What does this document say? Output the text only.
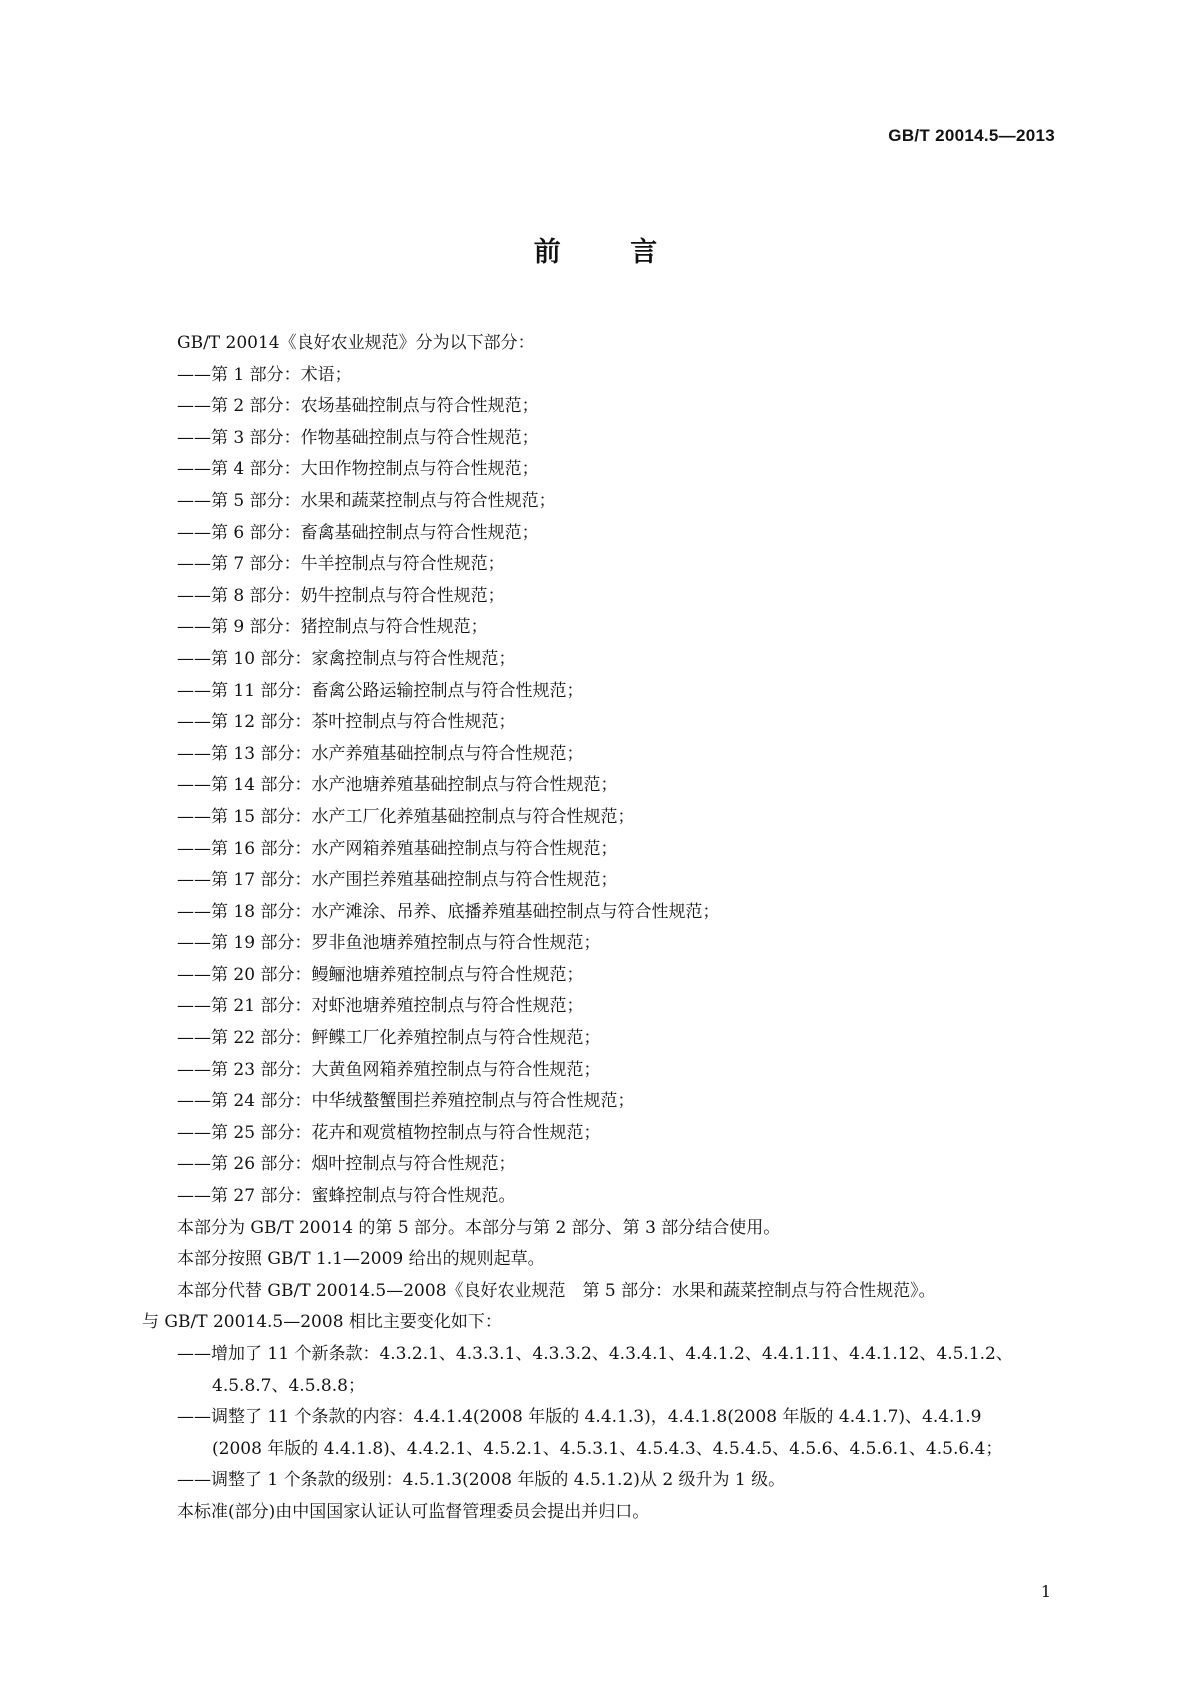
GB/T 20014.5—2013
前 言

GB/T 20014《良好农业规范》分为以下部分：

——第 1 部分：术语；

——第 2 部分：农场基础控制点与符合性规范；

——第 3 部分：作物基础控制点与符合性规范；

——第 4 部分：大田作物控制点与符合性规范；

——第 5 部分：水果和蔬菜控制点与符合性规范；

——第 6 部分：畜禽基础控制点与符合性规范；

——第 7 部分：牛羊控制点与符合性规范；

——第 8 部分：奶牛控制点与符合性规范；

——第 9 部分：猪控制点与符合性规范；

——第 10 部分：家禽控制点与符合性规范；

——第 11 部分：畜禽公路运输控制点与符合性规范；

——第 12 部分：茶叶控制点与符合性规范；

——第 13 部分：水产养殖基础控制点与符合性规范；

——第 14 部分：水产池塘养殖基础控制点与符合性规范；

——第 15 部分：水产工厂化养殖基础控制点与符合性规范；

——第 16 部分：水产网箱养殖基础控制点与符合性规范；

——第 17 部分：水产围拦养殖基础控制点与符合性规范；

——第 18 部分：水产滩涂、吊养、底播养殖基础控制点与符合性规范；

——第 19 部分：罗非鱼池塘养殖控制点与符合性规范；

——第 20 部分：鳗鲡池塘养殖控制点与符合性规范；

——第 21 部分：对虾池塘养殖控制点与符合性规范；

——第 22 部分：鲆鲽工厂化养殖控制点与符合性规范；

——第 23 部分：大黄鱼网箱养殖控制点与符合性规范；

——第 24 部分：中华绒螯蟹围拦养殖控制点与符合性规范；

——第 25 部分：花卉和观赏植物控制点与符合性规范；

——第 26 部分：烟叶控制点与符合性规范；

——第 27 部分：蜜蜂控制点与符合性规范。

本部分为 GB/T 20014 的第 5 部分。本部分与第 2 部分、第 3 部分结合使用。

本部分按照 GB/T 1.1—2009 给出的规则起草。

本部分代替 GB/T 20014.5—2008《良好农业规范　第 5 部分：水果和蔬菜控制点与符合性规范》。

与 GB/T 20014.5—2008 相比主要变化如下：

——增加了 11 个新条款：4.3.2.1、4.3.3.1、4.3.3.2、4.3.4.1、4.4.1.2、4.4.1.11、4.4.1.12、4.5.1.2、
4.5.8.7、4.5.8.8；

——调整了 11 个条款的内容：4.4.1.4(2008 年版的 4.4.1.3)，4.4.1.8(2008 年版的 4.4.1.7)、4.4.1.9
(2008 年版的 4.4.1.8)、4.4.2.1、4.5.2.1、4.5.3.1、4.5.4.3、4.5.4.5、4.5.6、4.5.6.1、4.5.6.4；

——调整了 1 个条款的级别：4.5.1.3(2008 年版的 4.5.1.2)从 2 级升为 1 级。

本标准(部分)由中国国家认证认可监督管理委员会提出并归口。

1
